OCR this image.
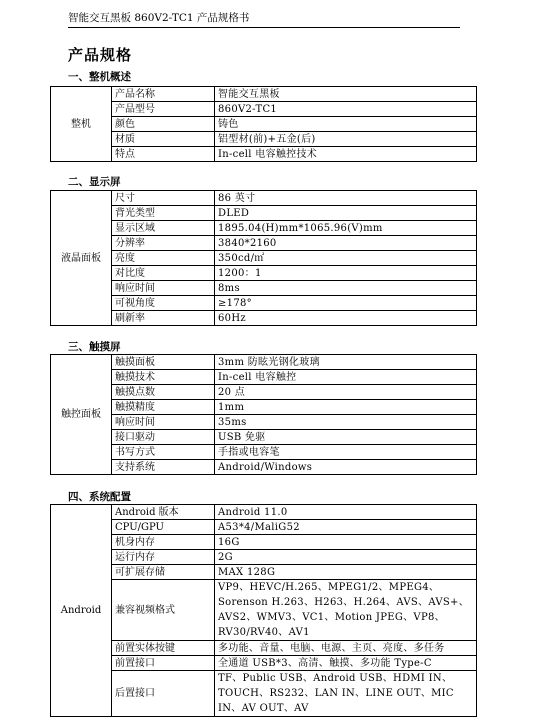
智能交互黑板 860V2-TC1 产品规格书
产品规格
一、整机概述
整机	产品名称	智能交互黑板
	产品型号	860V2-TC1
	颜色	铸色
	材质	铝型材(前)+五金(后)
	特点	In-cell 电容触控技术
二、显示屏
液晶面板	尺寸	86 英寸
	背光类型	DLED
	显示区域	1895.04(H)mm*1065.96(V)mm
	分辨率	3840*2160
	亮度	350cd/㎡
	对比度	1200：1
	响应时间	8ms
	可视角度	≥178°
	刷新率	60Hz
三、触摸屏
触控面板	触摸面板	3mm 防眩光钢化玻璃
	触摸技术	In-cell 电容触控
	触摸点数	20 点
	触摸精度	1mm
	响应时间	35ms
	接口驱动	USB 免驱
	书写方式	手指或电容笔
	支持系统	Android/Windows
四、系统配置
Android	Android 版本	Android 11.0
	CPU/GPU	A53*4/MaliG52
	机身内存	16G
	运行内存	2G
	可扩展存储	MAX 128G
	兼容视频格式	VP9、HEVC/H.265、MPEG1/2、MPEG4、Sorenson H.263、H263、H.264、AVS、AVS+、AVS2、WMV3、VC1、Motion JPEG、VP8、RV30/RV40、AV1
	前置实体按键	多功能、音量、电脑、电源、主页、亮度、多任务
	前置接口	全通道 USB*3、高清、触摸、多功能 Type-C
	后置接口	TF、Public USB、Android USB、HDMI IN、TOUCH、RS232、LAN IN、LINE OUT、MIC IN、AV OUT、AV
